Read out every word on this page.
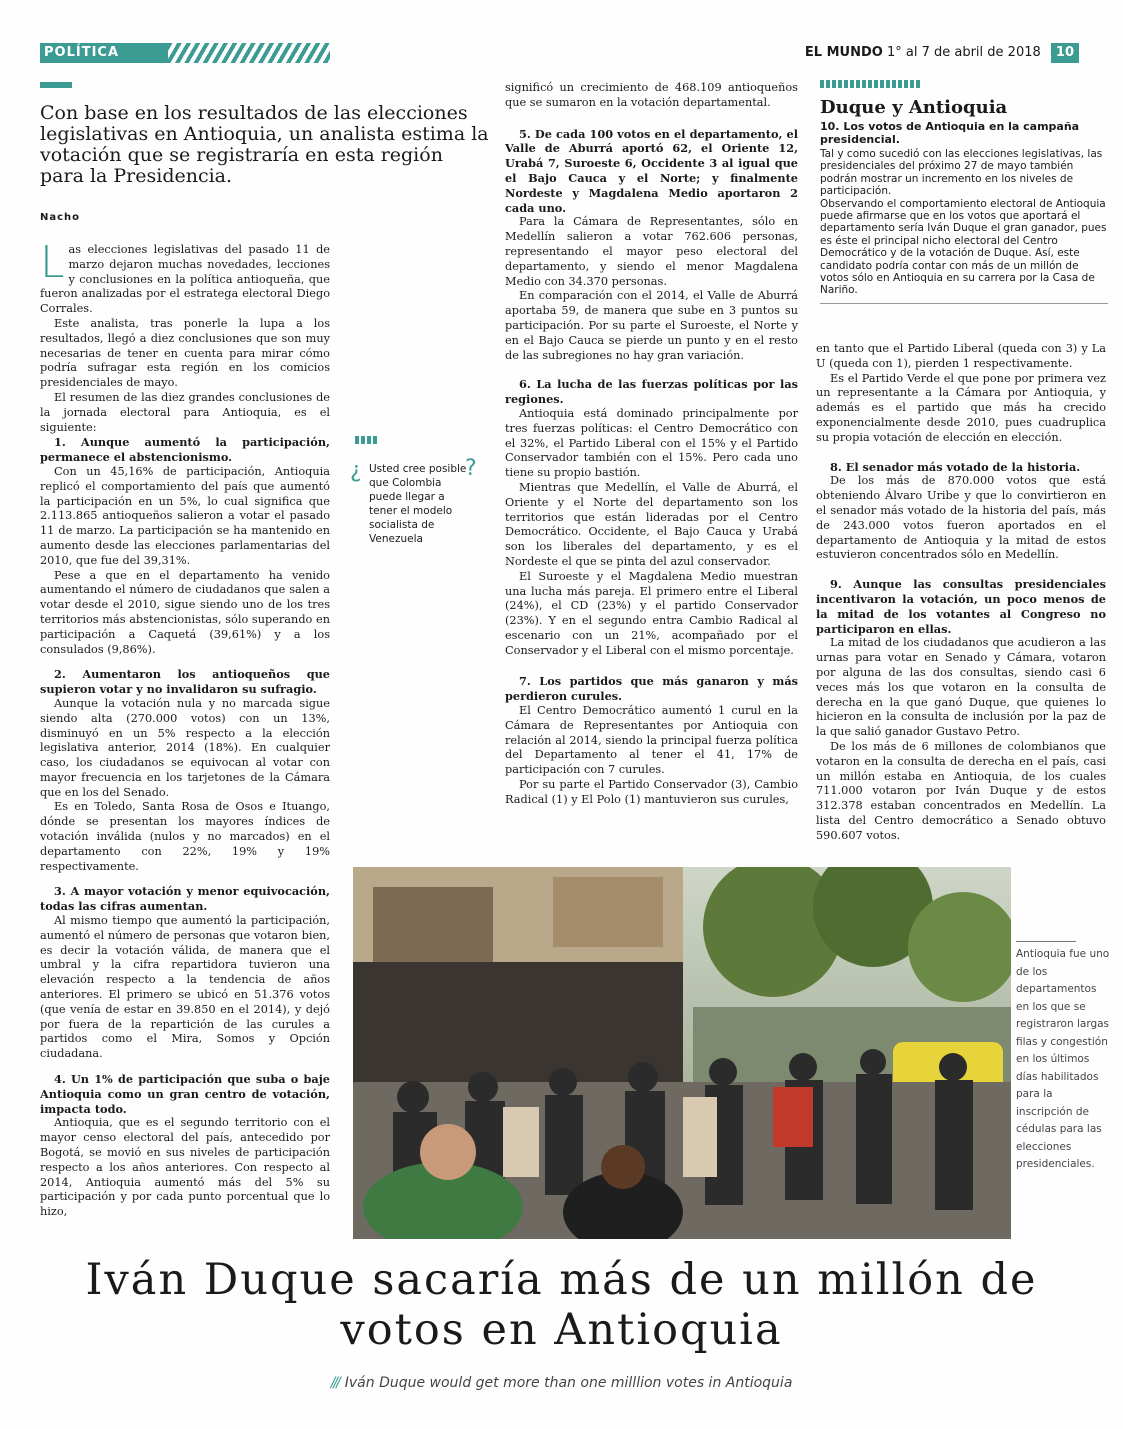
POLÍTICA	EL MUNDO 1° al 7 de abril de 2018 10
Con base en los resultados de las elecciones legislativas en Antioquia, un analista estima la votación que se registraría en esta región para la Presidencia.
Nacho

Las elecciones legislativas del pasado 11 de marzo dejaron muchas novedades, lecciones y conclusiones en la política antioqueña, que fueron analizadas por el estratega electoral Diego Corrales.

Este analista, tras ponerle la lupa a los resultados, llegó a diez conclusiones que son muy necesarias de tener en cuenta para mirar cómo podría sufragar esta región en los comicios presidenciales de mayo.

El resumen de las diez grandes conclusiones de la jornada electoral para Antioquia, es el siguiente:

1. Aunque aumentó la participación, permanece el abstencionismo.

Con un 45,16% de participación, Antioquia replicó el comportamiento del país que aumentó la participación en un 5%, lo cual significa que 2.113.865 antioqueños salieron a votar el pasado 11 de marzo. La participación se ha mantenido en aumento desde las elecciones parlamentarias del 2010, que fue del 39,31%.

Pese a que en el departamento ha venido aumentando el número de ciudadanos que salen a votar desde el 2010, sigue siendo uno de los tres territorios más abstencionistas, sólo superando en participación a Caquetá (39,61%) y a los consulados (9,86%).

2. Aumentaron los antioqueños que supieron votar y no invalidaron su sufragio.

Aunque la votación nula y no marcada sigue siendo alta (270.000 votos) con un 13%, disminuyó en un 5% respecto a la elección legislativa anterior, 2014 (18%). En cualquier caso, los ciudadanos se equivocan al votar con mayor frecuencia en los tarjetones de la Cámara que en los del Senado.

Es en Toledo, Santa Rosa de Osos e Ituango, dónde se presentan los mayores índices de votación inválida (nulos y no marcados) en el departamento con 22%, 19% y 19% respectivamente.

3. A mayor votación y menor equivocación, todas las cifras aumentan.

Al mismo tiempo que aumentó la participación, aumentó el número de personas que votaron bien, es decir la votación válida, de manera que el umbral y la cifra repartidora tuvieron una elevación respecto a la tendencia de años anteriores. El primero se ubicó en 51.376 votos (que venía de estar en 39.850 en el 2014), y dejó por fuera de la repartición de las curules a partidos como el Mira, Somos y Opción ciudadana.

4. Un 1% de participación que suba o baje Antioquia como un gran centro de votación, impacta todo.

Antioquia, que es el segundo territorio con el mayor censo electoral del país, antecedido por Bogotá, se movió en sus niveles de participación respecto a los años anteriores. Con respecto al 2014, Antioquia aumentó más del 5% su participación y por cada punto porcentual que lo hizo,

¿ Usted cree posible que Colombia puede llegar a tener el modelo socialista de Venezuela
?

significó un crecimiento de 468.109 antioqueños que se sumaron en la votación departamental.

5. De cada 100 votos en el departamento, el Valle de Aburrá aportó 62, el Oriente 12, Urabá 7, Suroeste 6, Occidente 3 al igual que el Bajo Cauca y el Norte; y finalmente Nordeste y Magdalena Medio aportaron 2 cada uno.

Para la Cámara de Representantes, sólo en Medellín salieron a votar 762.606 personas, representando el mayor peso electoral del departamento, y siendo el menor Magdalena Medio con 34.370 personas.

En comparación con el 2014, el Valle de Aburrá aportaba 59, de manera que sube en 3 puntos su participación. Por su parte el Suroeste, el Norte y en el Bajo Cauca se pierde un punto y en el resto de las subregiones no hay gran variación.

6. La lucha de las fuerzas políticas por las regiones.

Antioquia está dominado principalmente por tres fuerzas políticas: el Centro Democrático con el 32%, el Partido Liberal con el 15% y el Partido Conservador también con el 15%. Pero cada uno tiene su propio bastión.

Mientras que Medellín, el Valle de Aburrá, el Oriente y el Norte del departamento son los territorios que están lideradas por el Centro Democrático. Occidente, el Bajo Cauca y Urabá son los liberales del departamento, y es el Nordeste el que se pinta del azul conservador.

El Suroeste y el Magdalena Medio muestran una lucha más pareja. El primero entre el Liberal (24%), el CD (23%) y el partido Conservador (23%). Y en el segundo entra Cambio Radical al escenario con un 21%, acompañado por el Conservador y el Liberal con el mismo porcentaje.

7. Los partidos que más ganaron y más perdieron curules.

El Centro Democrático aumentó 1 curul en la Cámara de Representantes por Antioquia con relación al 2014, siendo la principal fuerza política del Departamento al tener el 41, 17% de participación con 7 curules.

Por su parte el Partido Conservador (3), Cambio Radical (1) y El Polo (1) mantuvieron sus curules,

Duque y Antioquia
10. Los votos de Antioquia en la campaña presidencial.
Tal y como sucedió con las elecciones legislativas, las presidenciales del próximo 27 de mayo también podrán mostrar un incremento en los niveles de participación.
Observando el comportamiento electoral de Antioquia puede afirmarse que en los votos que aportará el departamento sería Iván Duque el gran ganador, pues es éste el principal nicho electoral del Centro Democrático y de la votación de Duque. Así, este candidato podría contar con más de un millón de votos sólo en Antioquia en su carrera por la Casa de Nariño.

en tanto que el Partido Liberal (queda con 3) y La U (queda con 1), pierden 1 respectivamente.

Es el Partido Verde el que pone por primera vez un representante a la Cámara por Antioquia, y además es el partido que más ha crecido exponencialmente desde 2010, pues cuadruplica su propia votación de elección en elección.

8. El senador más votado de la historia.

De los más de 870.000 votos que está obteniendo Álvaro Uribe y que lo convirtieron en el senador más votado de la historia del país, más de 243.000 votos fueron aportados en el departamento de Antioquia y la mitad de estos estuvieron concentrados sólo en Medellín.

9. Aunque las consultas presidenciales incentivaron la votación, un poco menos de la mitad de los votantes al Congreso no participaron en ellas.

La mitad de los ciudadanos que acudieron a las urnas para votar en Senado y Cámara, votaron por alguna de las dos consultas, siendo casi 6 veces más los que votaron en la consulta de derecha en la que ganó Duque, que quienes lo hicieron en la consulta de inclusión por la paz de la que salió ganador Gustavo Petro.

De los más de 6 millones de colombianos que votaron en la consulta de derecha en el país, casi un millón estaba en Antioquia, de los cuales 711.000 votaron por Iván Duque y de estos 312.378 estaban concentrados en Medellín. La lista del Centro democrático a Senado obtuvo 590.607 votos.

Antioquia fue uno de los departamentos en los que se registraron largas filas y congestión en los últimos días habilitados para la inscripción de cédulas para las elecciones presidenciales.
Iván Duque sacaría más de un millón de votos en Antioquia
/// Iván Duque would get more than one milllion votes in Antioquia
